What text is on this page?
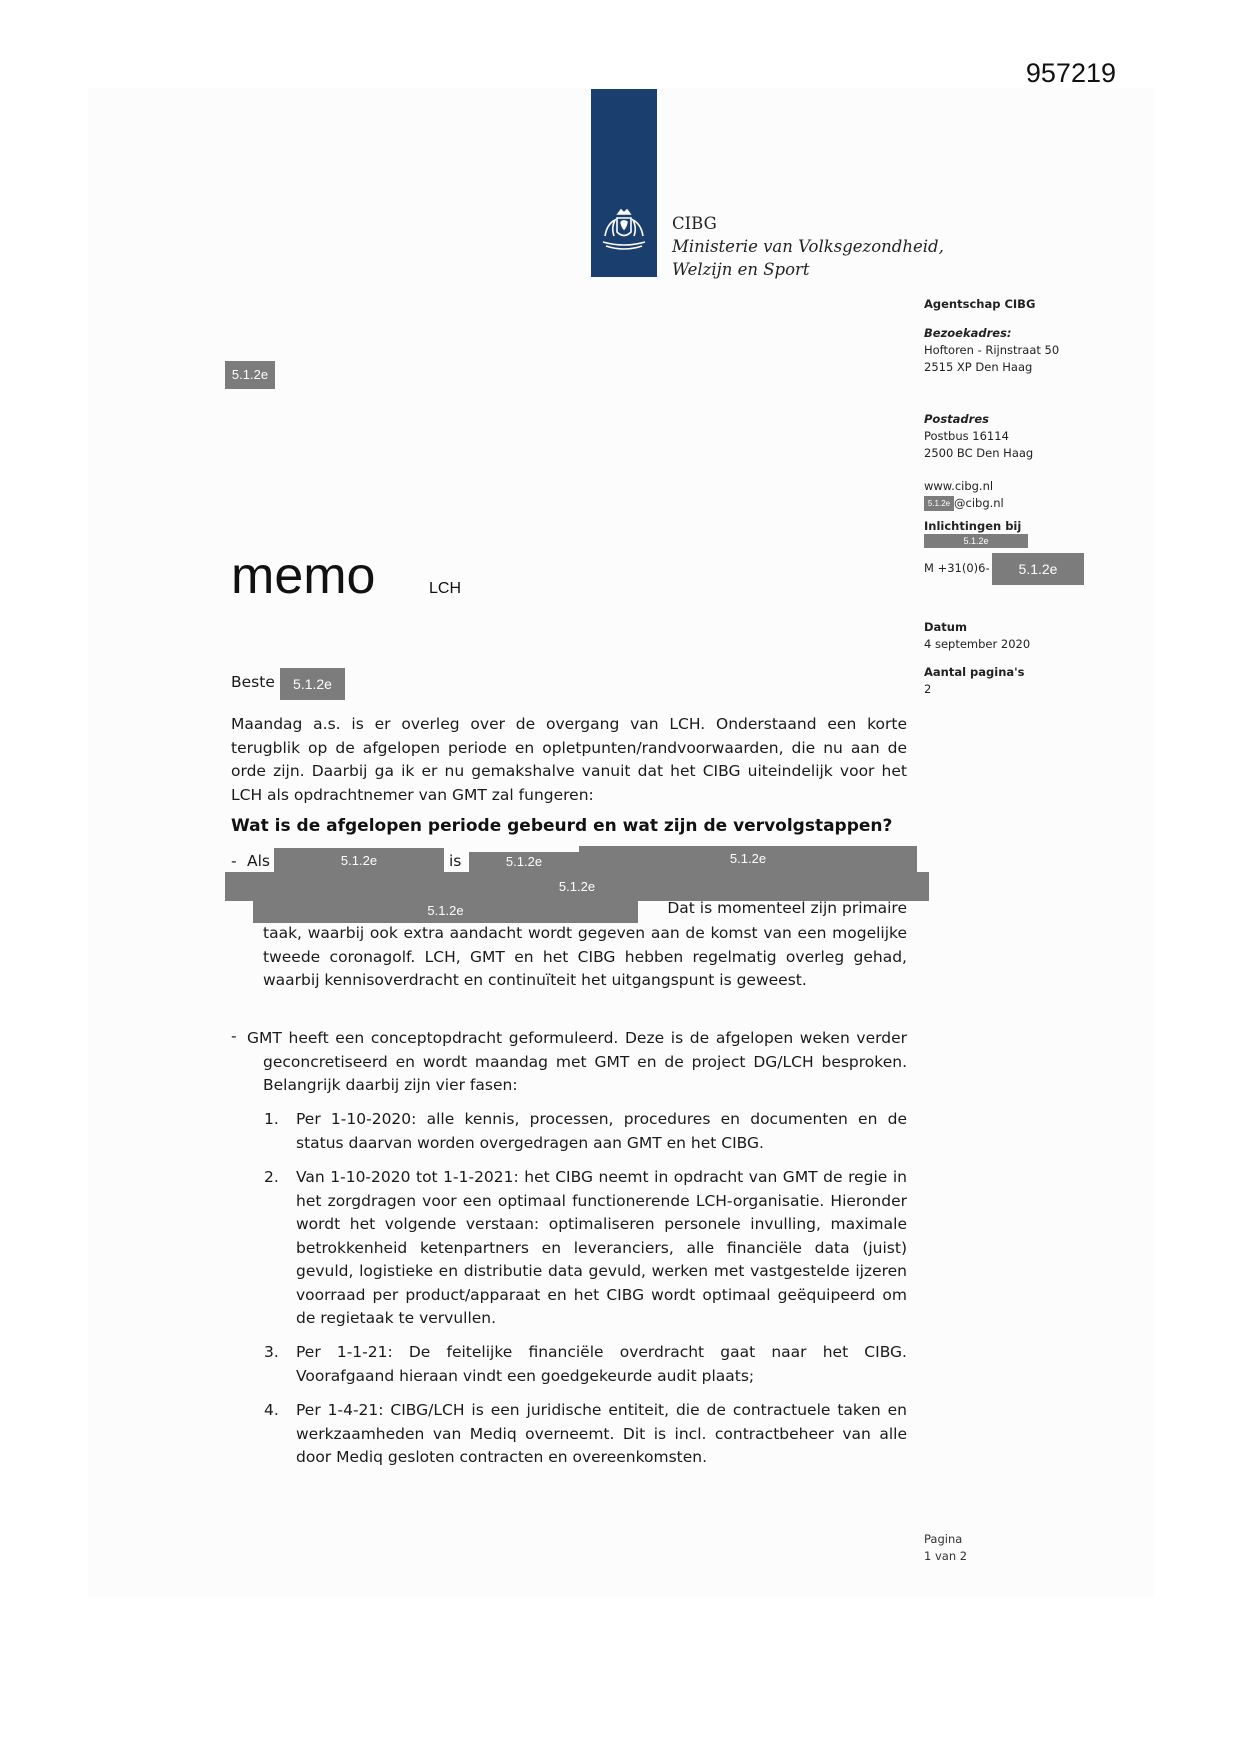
957219
CIBG
Ministerie van Volksgezondheid,
Welzijn en Sport
5.1.2e
Agentschap CIBG
Bezoekadres:
Hoftoren - Rijnstraat 50
2515 XP Den Haag
Postadres
Postbus 16114
2500 BC Den Haag
www.cibg.nl
5.1.2e @cibg.nl
Inlichtingen bij
5.1.2e
M +31(0)6-	5.1.2e
Datum
4 september 2020
Aantal pagina's
2
memo	LCH
Beste	5.1.2e
Maandag a.s. is er overleg over de overgang van LCH. Onderstaand een korte terugblik op de afgelopen periode en opletpunten/randvoorwaarden, die nu aan de orde zijn. Daarbij ga ik er nu gemakshalve vanuit dat het CIBG uiteindelijk voor het LCH als opdrachtnemer van GMT zal fungeren:
Wat is de afgelopen periode gebeurd en wat zijn de vervolgstappen?
- Als	5.1.2e	is	5.1.2e	5.1.2e
5.1.2e
5.1.2e	Dat is momenteel zijn primaire
taak, waarbij ook extra aandacht wordt gegeven aan de komst van een mogelijke tweede coronagolf. LCH, GMT en het CIBG hebben regelmatig overleg gehad, waarbij kennisoverdracht en continuïteit het uitgangspunt is geweest.
- GMT heeft een conceptopdracht geformuleerd. Deze is de afgelopen weken verder geconcretiseerd en wordt maandag met GMT en de project DG/LCH besproken. Belangrijk daarbij zijn vier fasen:
1.	Per 1-10-2020: alle kennis, processen, procedures en documenten en de status daarvan worden overgedragen aan GMT en het CIBG.
2.	Van 1-10-2020 tot 1-1-2021: het CIBG neemt in opdracht van GMT de regie in het zorgdragen voor een optimaal functionerende LCH-organisatie. Hieronder wordt het volgende verstaan: optimaliseren personele invulling, maximale betrokkenheid ketenpartners en leveranciers, alle financiële data (juist) gevuld, logistieke en distributie data gevuld, werken met vastgestelde ijzeren voorraad per product/apparaat en het CIBG wordt optimaal geëquipeerd om de regietaak te vervullen.
3.	Per 1-1-21: De feitelijke financiële overdracht gaat naar het CIBG. Voorafgaand hieraan vindt een goedgekeurde audit plaats;
4.	Per 1-4-21: CIBG/LCH is een juridische entiteit, die de contractuele taken en werkzaamheden van Mediq overneemt. Dit is incl. contractbeheer van alle door Mediq gesloten contracten en overeenkomsten.
Pagina
1 van 2
